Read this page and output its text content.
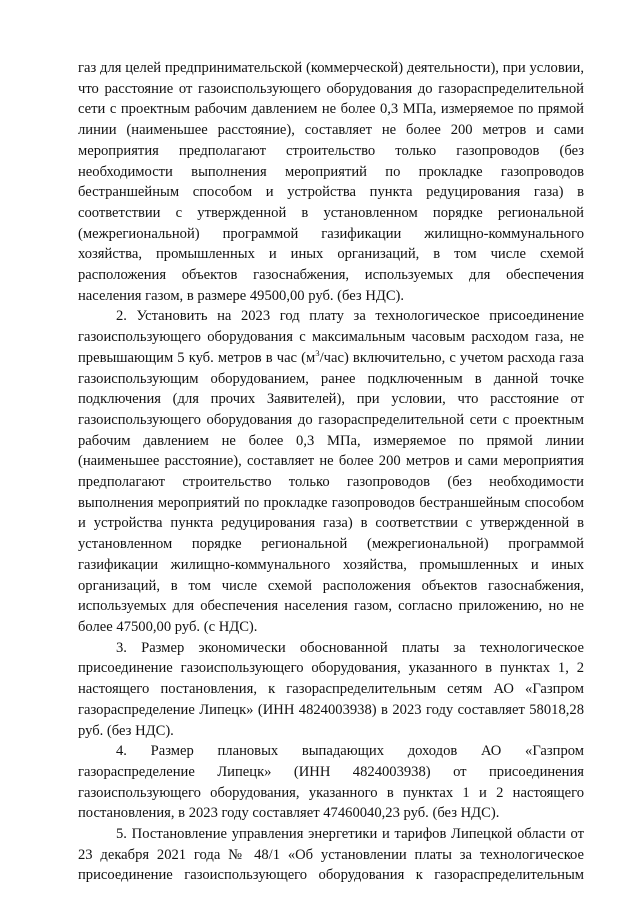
газ для целей предпринимательской (коммерческой) деятельности), при условии, что расстояние от газоиспользующего оборудования до газораспределительной сети с проектным рабочим давлением не более 0,3 МПа, измеряемое по прямой линии (наименьшее расстояние), составляет не более 200 метров и сами мероприятия предполагают строительство только газопроводов (без необходимости выполнения мероприятий по прокладке газопроводов бестраншейным способом и устройства пункта редуцирования газа) в соответствии с утвержденной в установленном порядке региональной (межрегиональной) программой газификации жилищно-коммунального хозяйства, промышленных и иных организаций, в том числе схемой расположения объектов газоснабжения, используемых для обеспечения населения газом, в размере 49500,00 руб. (без НДС).

2. Установить на 2023 год плату за технологическое присоединение газоиспользующего оборудования с максимальным часовым расходом газа, не превышающим 5 куб. метров в час $(м^3/час)$ включительно, с учетом расхода газа газоиспользующим оборудованием, ранее подключенным в данной точке подключения (для прочих Заявителей), при условии, что расстояние от газоиспользующего оборудования до газораспределительной сети с проектным рабочим давлением не более 0,3 МПа, измеряемое по прямой линии (наименьшее расстояние), составляет не более 200 метров и сами мероприятия предполагают строительство только газопроводов (без необходимости выполнения мероприятий по прокладке газопроводов бестраншейным способом и устройства пункта редуцирования газа) в соответствии с утвержденной в установленном порядке региональной (межрегиональной) программой газификации жилищно-коммунального хозяйства, промышленных и иных организаций, в том числе схемой расположения объектов газоснабжения, используемых для обеспечения населения газом, согласно приложению, но не более 47500,00 руб. (с НДС).

3. Размер экономически обоснованной платы за технологическое присоединение газоиспользующего оборудования, указанного в пунктах 1, 2 настоящего постановления, к газораспределительным сетям АО «Газпром газораспределение Липецк» (ИНН 4824003938) в 2023 году составляет 58018,28 руб. (без НДС).

4. Размер плановых выпадающих доходов АО «Газпром газораспределение Липецк» (ИНН 4824003938) от присоединения газоиспользующего оборудования, указанного в пунктах 1 и 2 настоящего постановления, в 2023 году составляет 47460040,23 руб. (без НДС).

5. Постановление управления энергетики и тарифов Липецкой области от 23 декабря 2021 года № 48/1 «Об установлении платы за технологическое присоединение газоиспользующего оборудования к газораспределительным
